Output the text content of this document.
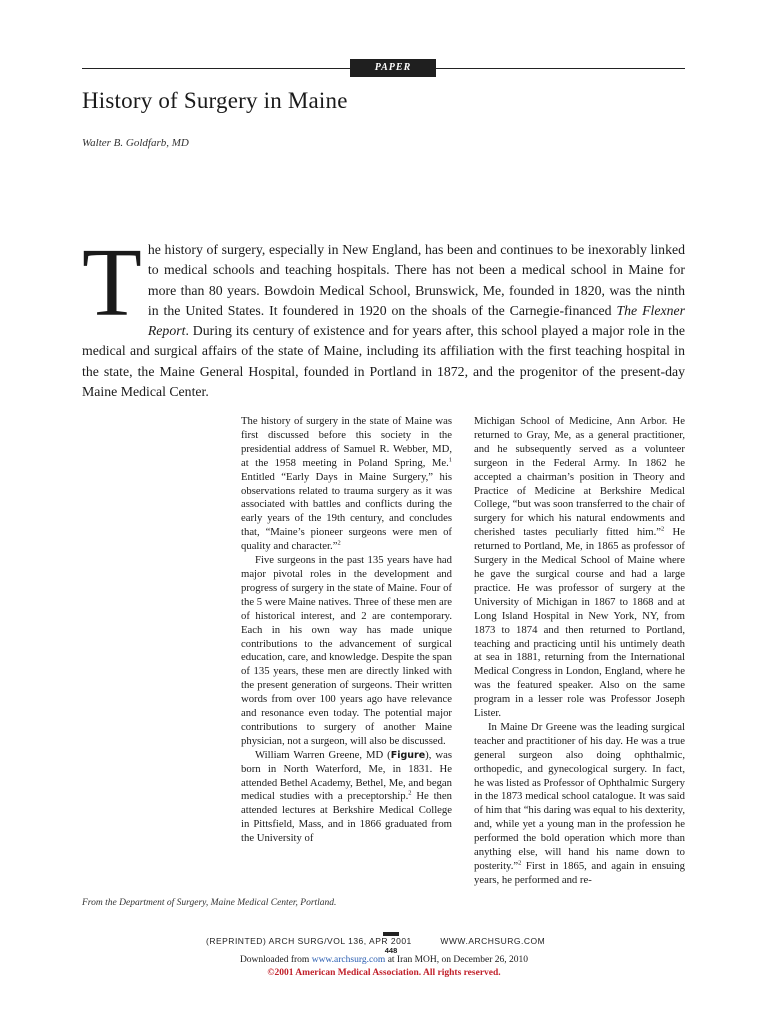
PAPER
History of Surgery in Maine
Walter B. Goldfarb, MD

The history of surgery, especially in New England, has been and continues to be inexorably linked to medical schools and teaching hospitals. There has not been a medical school in Maine for more than 80 years. Bowdoin Medical School, Brunswick, Me, founded in 1820, was the ninth in the United States. It foundered in 1920 on the shoals of the Carnegie-financed The Flexner Report. During its century of existence and for years after, this school played a major role in the medical and surgical affairs of the state of Maine, including its affiliation with the first teaching hospital in the state, the Maine General Hospital, founded in Portland in 1872, and the progenitor of the present-day Maine Medical Center.

The history of surgery in the state of Maine was first discussed before this society in the presidential address of Samuel R. Webber, MD, at the 1958 meeting in Poland Spring, Me.$^1$ Entitled “Early Days in Maine Surgery,” his observations related to trauma surgery as it was associated with battles and conflicts during the early years of the 19th century, and concludes that, “Maine’s pioneer surgeons were men of quality and character.”$^2$

Five surgeons in the past 135 years have had major pivotal roles in the development and progress of surgery in the state of Maine. Four of the 5 were Maine natives. Three of these men are of historical interest, and 2 are contemporary. Each in his own way has made unique contributions to the advancement of surgical education, care, and knowledge. Despite the span of 135 years, these men are directly linked with the present generation of surgeons. Their written words from over 100 years ago have relevance and resonance even today. The potential major contributions to surgery of another Maine physician, not a surgeon, will also be discussed.

William Warren Greene, MD (Figure), was born in North Waterford, Me, in 1831. He attended Bethel Academy, Bethel, Me, and began medical studies with a preceptorship.$^2$ He then attended lectures at Berkshire Medical College in Pittsfield, Mass, and in 1866 graduated from the University of

Michigan School of Medicine, Ann Arbor. He returned to Gray, Me, as a general practitioner, and he subsequently served as a volunteer surgeon in the Federal Army. In 1862 he accepted a chairman’s position in Theory and Practice of Medicine at Berkshire Medical College, “but was soon transferred to the chair of surgery for which his natural endowments and cherished tastes peculiarly fitted him.”$^2$ He returned to Portland, Me, in 1865 as professor of Surgery in the Medical School of Maine where he gave the surgical course and had a large practice. He was professor of surgery at the University of Michigan in 1867 to 1868 and at Long Island Hospital in New York, NY, from 1873 to 1874 and then returned to Portland, teaching and practicing until his untimely death at sea in 1881, returning from the International Medical Congress in London, England, where he was the featured speaker. Also on the same program in a lesser role was Professor Joseph Lister.

In Maine Dr Greene was the leading surgical teacher and practitioner of his day. He was a true general surgeon also doing ophthalmic, orthopedic, and gynecological surgery. In fact, he was listed as Professor of Ophthalmic Surgery in the 1873 medical school catalogue. It was said of him that “his daring was equal to his dexterity, and, while yet a young man in the profession he performed the bold operation which more than anything else, will hand his name down to posterity.”$^2$ First in 1865, and again in ensuing years, he performed and re-

From the Department of Surgery, Maine Medical Center, Portland.
(REPRINTED) ARCH SURG/VOL 136, APR 2001          WWW.ARCHSURG.COM
448
Downloaded from www.archsurg.com at Iran MOH, on December 26, 2010
©2001 American Medical Association. All rights reserved.
